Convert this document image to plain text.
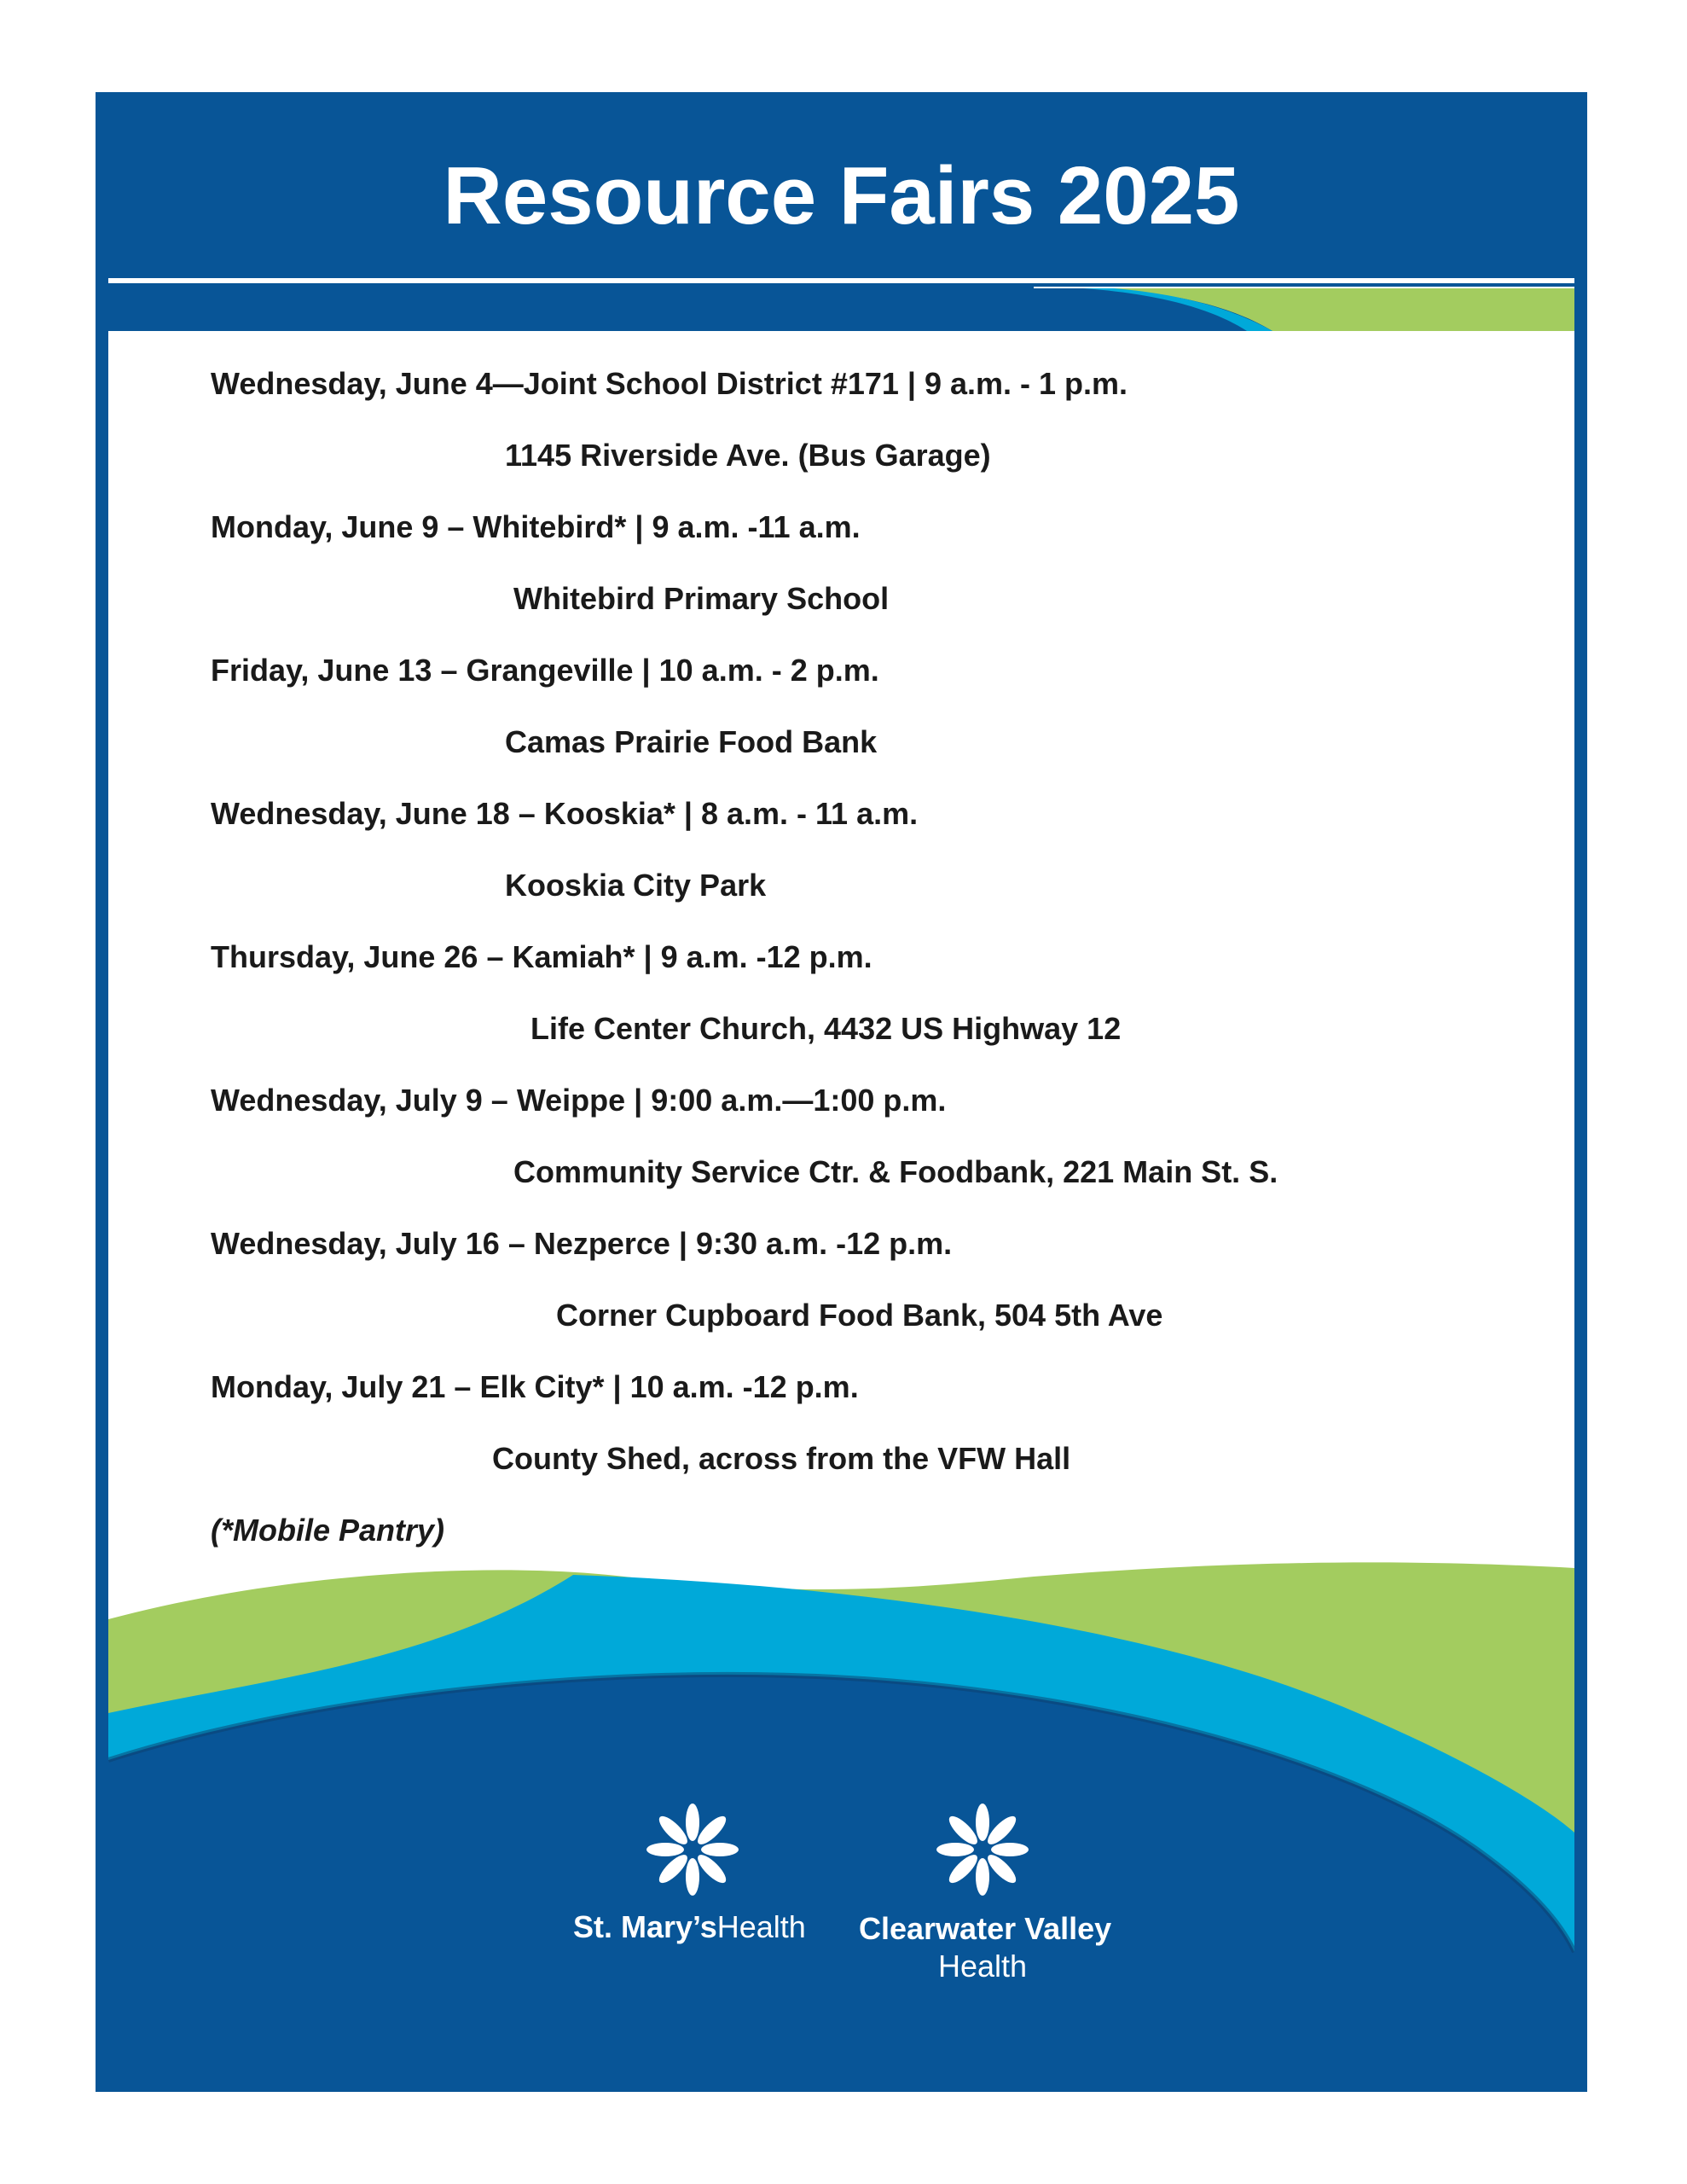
Resource Fairs 2025

Wednesday, June 4—Joint School District #171 | 9 a.m. - 1 p.m.

1145 Riverside Ave. (Bus Garage)

Monday, June 9 – Whitebird* | 9 a.m. -11 a.m.

Whitebird Primary School

Friday, June 13 – Grangeville | 10 a.m. - 2 p.m.

Camas Prairie Food Bank

Wednesday, June 18 – Kooskia* | 8 a.m. - 11 a.m.

Kooskia City Park

Thursday, June 26 – Kamiah* | 9 a.m. -12 p.m.

Life Center Church, 4432 US Highway 12

Wednesday, July 9 – Weippe | 9:00 a.m.—1:00 p.m.

Community Service Ctr. & Foodbank, 221 Main St. S.

Wednesday, July 16 – Nezperce | 9:30 a.m. -12 p.m.

Corner Cupboard Food Bank, 504 5th Ave

Monday, July 21 – Elk City* | 10 a.m. -12 p.m.

County Shed, across from the VFW Hall

(*Mobile Pantry)

St. Mary’sHealth Clearwater Valley
Health
